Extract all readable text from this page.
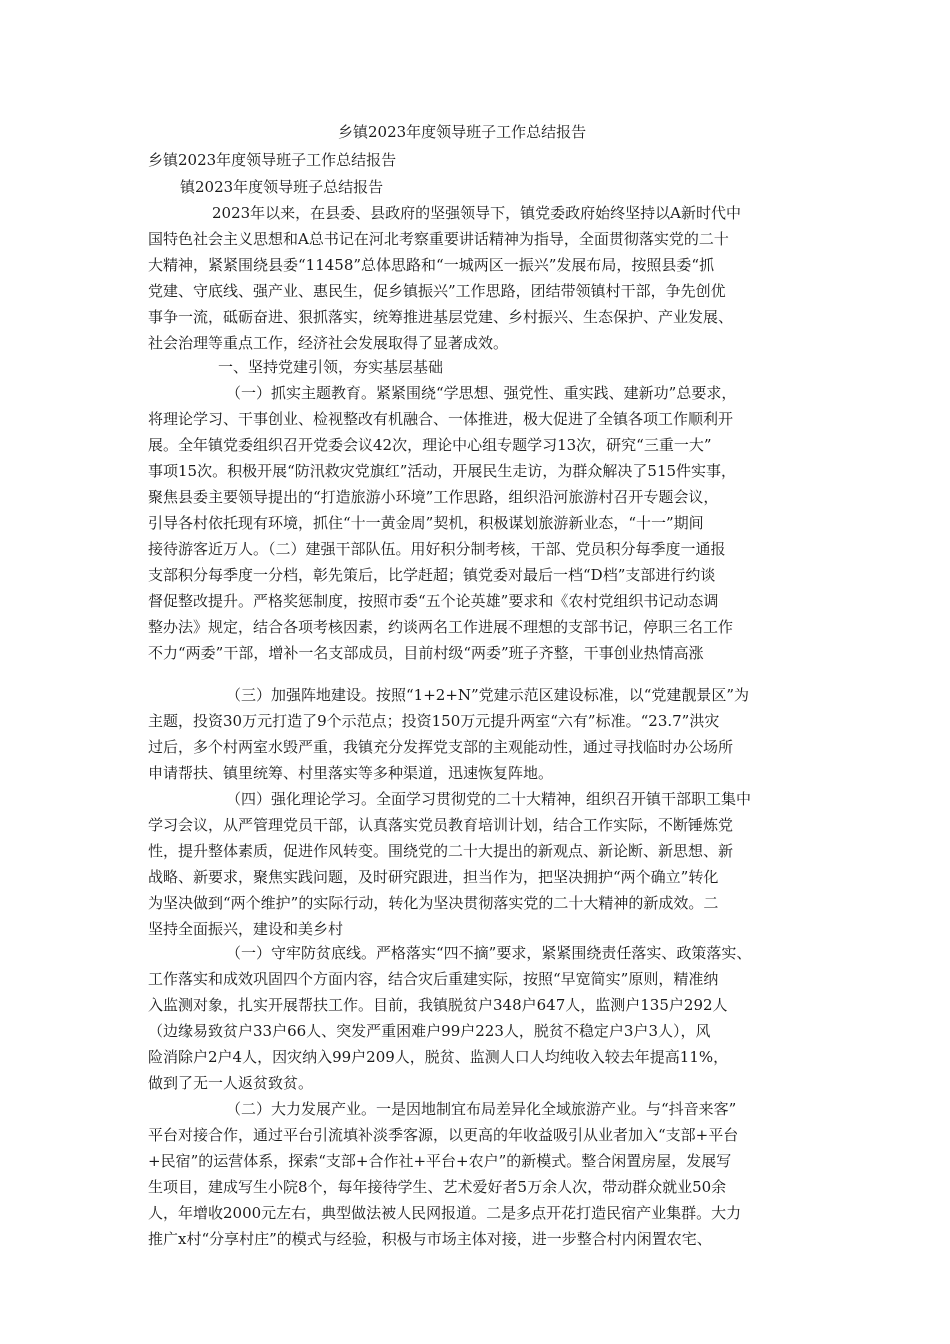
乡镇2023年度领导班子工作总结报告
乡镇2023年度领导班子工作总结报告
镇2023年度领导班子总结报告
2023年以来，在县委、县政府的坚强领导下，镇党委政府始终坚持以A新时代中
国特色社会主义思想和A总书记在河北考察重要讲话精神为指导，全面贯彻落实党的二十
大精神，紧紧围绕县委“11458”总体思路和“一城两区一振兴”发展布局，按照县委“抓
党建、守底线、强产业、惠民生，促乡镇振兴”工作思路，团结带领镇村干部，争先创优
事争一流，砥砺奋进、狠抓落实，统筹推进基层党建、乡村振兴、生态保护、产业发展、
社会治理等重点工作，经济社会发展取得了显著成效。
一、坚持党建引领，夯实基层基础
（一）抓实主题教育。紧紧围绕“学思想、强党性、重实践、建新功”总要求，
将理论学习、干事创业、检视整改有机融合、一体推进，极大促进了全镇各项工作顺利开
展。全年镇党委组织召开党委会议42次，理论中心组专题学习13次，研究“三重一大”
事项15次。积极开展“防汛救灾党旗红”活动，开展民生走访，为群众解决了515件实事，
聚焦县委主要领导提出的“打造旅游小环境”工作思路，组织沿河旅游村召开专题会议，
引导各村依托现有环境，抓住“十一黄金周”契机，积极谋划旅游新业态，“十一”期间
接待游客近万人。（二）建强干部队伍。用好积分制考核，干部、党员积分每季度一通报
支部积分每季度一分档，彰先策后，比学赶超；镇党委对最后一档“D档”支部进行约谈
督促整改提升。严格奖惩制度，按照市委“五个论英雄”要求和《农村党组织书记动态调
整办法》规定，结合各项考核因素，约谈两名工作进展不理想的支部书记，停职三名工作
不力“两委”干部，增补一名支部成员，目前村级“两委”班子齐整，干事创业热情高涨
（三）加强阵地建设。按照“1+2+N”党建示范区建设标准，以“党建靓景区”为
主题，投资30万元打造了9个示范点；投资150万元提升两室“六有”标准。“23.7”洪灾
过后，多个村两室水毁严重，我镇充分发挥党支部的主观能动性，通过寻找临时办公场所
申请帮扶、镇里统筹、村里落实等多种渠道，迅速恢复阵地。
（四）强化理论学习。全面学习贯彻党的二十大精神，组织召开镇干部职工集中
学习会议，从严管理党员干部，认真落实党员教育培训计划，结合工作实际，不断锤炼党
性，提升整体素质，促进作风转变。围绕党的二十大提出的新观点、新论断、新思想、新
战略、新要求，聚焦实践问题，及时研究跟进，担当作为，把坚决拥护“两个确立”转化
为坚决做到“两个维护”的实际行动，转化为坚决贯彻落实党的二十大精神的新成效。二
坚持全面振兴，建设和美乡村
（一）守牢防贫底线。严格落实“四不摘”要求，紧紧围绕责任落实、政策落实、
工作落实和成效巩固四个方面内容，结合灾后重建实际，按照“早宽简实”原则，精准纳
入监测对象，扎实开展帮扶工作。目前，我镇脱贫户348户647人，监测户135户292人
（边缘易致贫户33户66人、突发严重困难户99户223人，脱贫不稳定户3户3人），风
险消除户2户4人，因灾纳入99户209人，脱贫、监测人口人均纯收入较去年提高11%，
做到了无一人返贫致贫。
（二）大力发展产业。一是因地制宜布局差异化全域旅游产业。与“抖音来客”
平台对接合作，通过平台引流填补淡季客源，以更高的年收益吸引从业者加入“支部+平台
+民宿”的运营体系，探索“支部+合作社+平台+农户”的新模式。整合闲置房屋，发展写
生项目，建成写生小院8个，每年接待学生、艺术爱好者5万余人次，带动群众就业50余
人，年增收2000元左右，典型做法被人民网报道。二是多点开花打造民宿产业集群。大力
推广x村“分享村庄”的模式与经验，积极与市场主体对接，进一步整合村内闲置农宅、
